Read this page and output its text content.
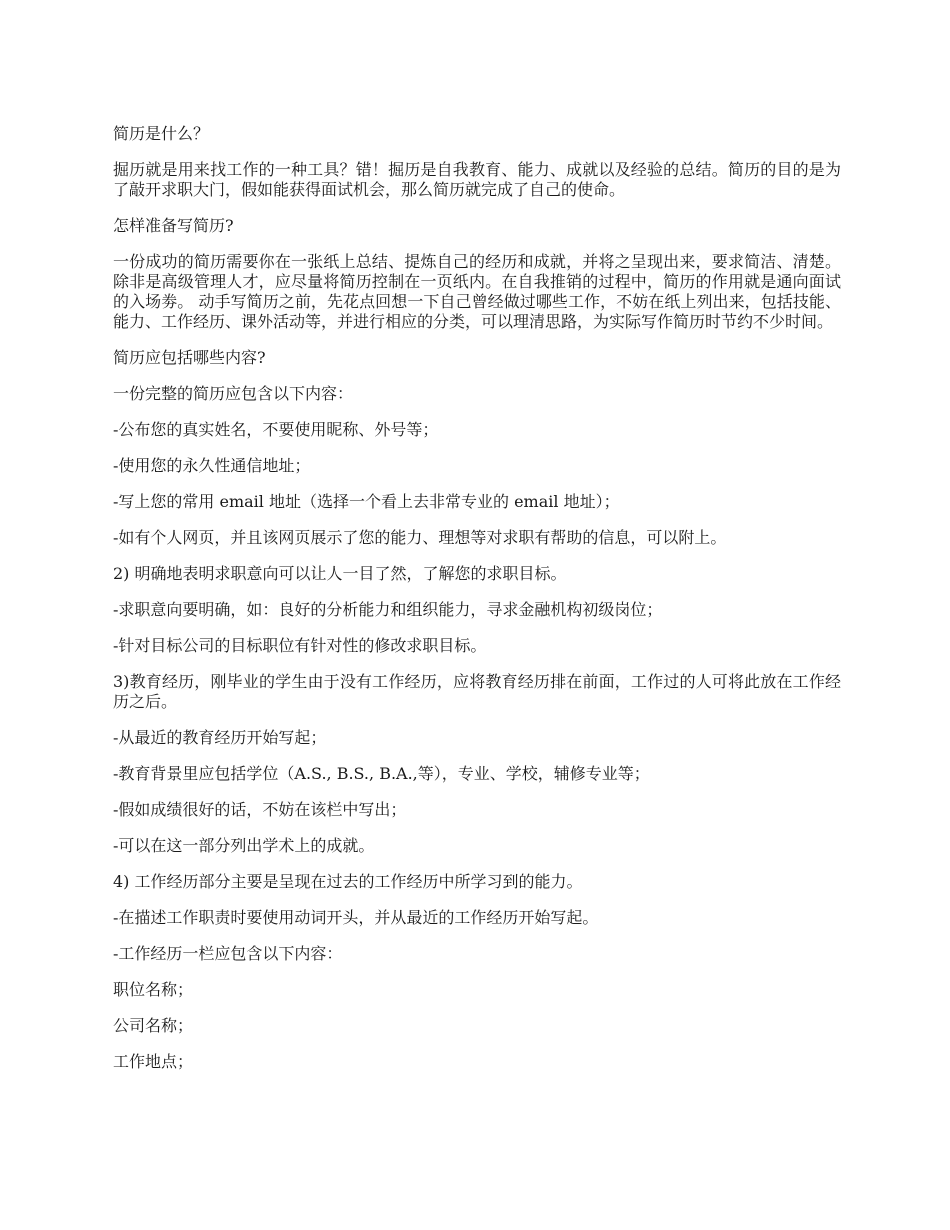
简历是什么？

掘历就是用来找工作的一种工具？错！掘历是自我教育、能力、成就以及经验的总结。简历的目的是为了敲开求职大门，假如能获得面试机会，那么简历就完成了自己的使命。

怎样准备写简历?

一份成功的简历需要你在一张纸上总结、提炼自己的经历和成就，并将之呈现出来，要求简洁、清楚。除非是高级管理人才，应尽量将简历控制在一页纸内。在自我推销的过程中，简历的作用就是通向面试的入场劵。 动手写简历之前，先花点回想一下自己曾经做过哪些工作，不妨在纸上列出来，包括技能、能力、工作经历、课外活动等，并进行相应的分类，可以理清思路，为实际写作简历时节约不少时间。

简历应包括哪些内容?

一份完整的简历应包含以下内容：

-公布您的真实姓名，不要使用昵称、外号等；

-使用您的永久性通信地址；

-写上您的常用 email 地址（选择一个看上去非常专业的 email 地址）；

-如有个人网页，并且该网页展示了您的能力、理想等对求职有帮助的信息，可以附上。

2) 明确地表明求职意向可以让人一目了然，了解您的求职目标。

-求职意向要明确，如：良好的分析能力和组织能力，寻求金融机构初级岗位；

-针对目标公司的目标职位有针对性的修改求职目标。

3)教育经历，刚毕业的学生由于没有工作经历，应将教育经历排在前面，工作过的人可将此放在工作经历之后。

-从最近的教育经历开始写起；

-教育背景里应包括学位（A.S., B.S., B.A.,等），专业、学校，辅修专业等；

-假如成绩很好的话，不妨在该栏中写出；

-可以在这一部分列出学术上的成就。

4) 工作经历部分主要是呈现在过去的工作经历中所学习到的能力。

-在描述工作职责时要使用动词开头，并从最近的工作经历开始写起。

-工作经历一栏应包含以下内容：

职位名称；

公司名称；

工作地点；
